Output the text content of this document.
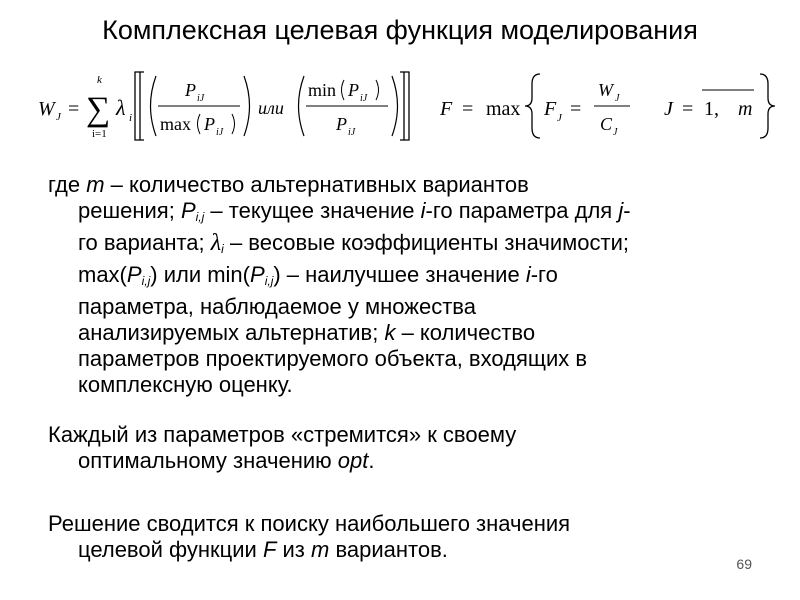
Комплексная целевая функция моделирования
W J =
k
∑
i=1
λ i
P iJ
max P iJ
или
min P iJ
P iJ
F = max F J =
W J
C J
J = 1, m
где m – количество альтернативных вариантов
решения; $P_{i,j}$ – текущее значение i-го параметра для j-
го варианта; $\lambda_i$ – весовые коэффициенты значимости;
$\max(P_{i,j})$ или $\min(P_{i,j})$ – наилучшее значение i-го
параметра, наблюдаемое у множества
анализируемых альтернатив; k – количество
параметров проектируемого объекта, входящих в
комплексную оценку.
Каждый из параметров «стремится» к своему
оптимальному значению opt.
Решение сводится к поиску наибольшего значения
целевой функции F из m вариантов.
69
